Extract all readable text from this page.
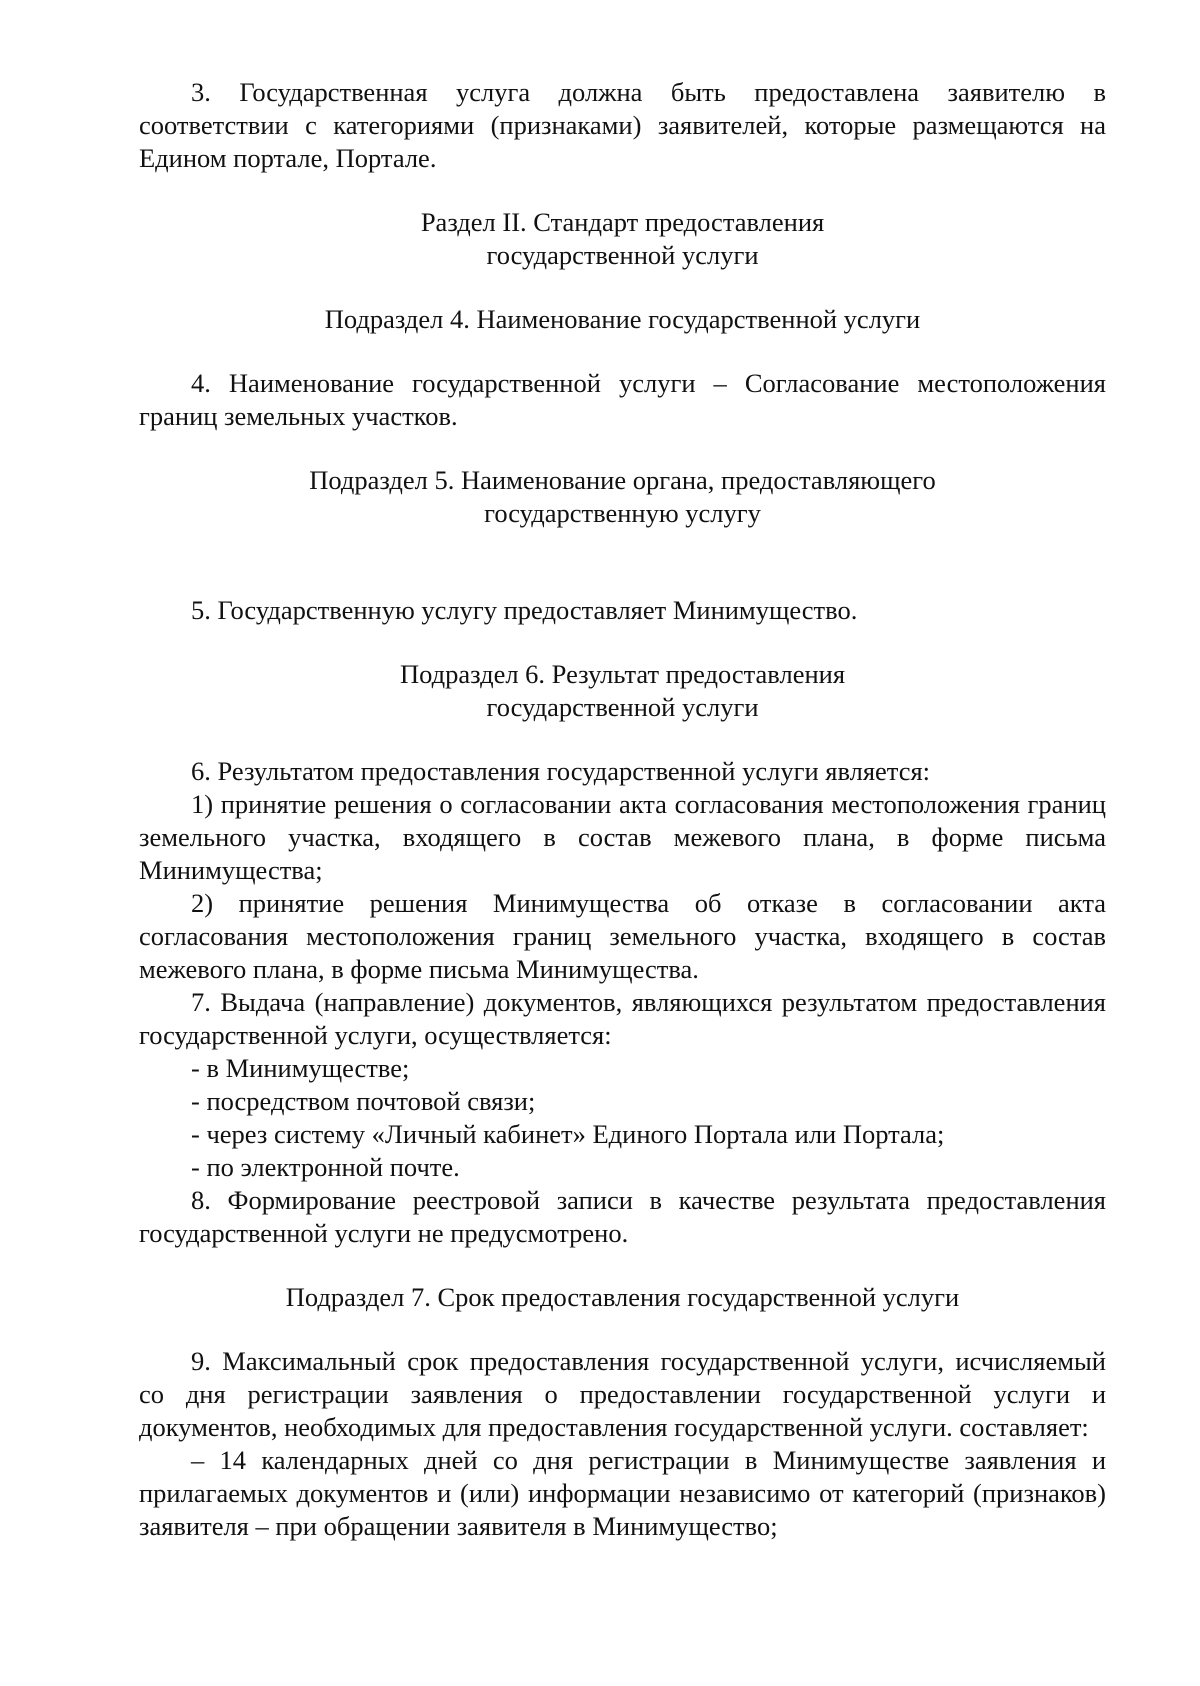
3. Государственная услуга должна быть предоставлена заявителю в соответствии с категориями (признаками) заявителей, которые размещаются на Едином портале, Портале.

Раздел II. Стандарт предоставления

государственной услуги

Подраздел 4. Наименование государственной услуги

4. Наименование государственной услуги – Согласование местоположения границ земельных участков.

Подраздел 5. Наименование органа, предоставляющего

государственную услугу

5. Государственную услугу предоставляет Минимущество.

Подраздел 6. Результат предоставления

государственной услуги

6. Результатом предоставления государственной услуги является:

1) принятие решения о согласовании акта согласования местоположения границ земельного участка, входящего в состав межевого плана, в форме письма Минимущества;

2) принятие решения Минимущества об отказе в согласовании акта согласования местоположения границ земельного участка, входящего в состав межевого плана, в форме письма Минимущества.

7. Выдача (направление) документов, являющихся результатом предоставления государственной услуги, осуществляется:

- в Минимуществе;

- посредством почтовой связи;

- через систему «Личный кабинет» Единого Портала или Портала;

- по электронной почте.

8. Формирование реестровой записи в качестве результата предоставления государственной услуги не предусмотрено.

Подраздел 7. Срок предоставления государственной услуги

9. Максимальный срок предоставления государственной услуги, исчисляемый со дня регистрации заявления о предоставлении государственной услуги и документов, необходимых для предоставления государственной услуги. составляет:

– 14 календарных дней со дня регистрации в Минимуществе заявления и прилагаемых документов и (или) информации независимо от категорий (признаков) заявителя – при обращении заявителя в Минимущество;
